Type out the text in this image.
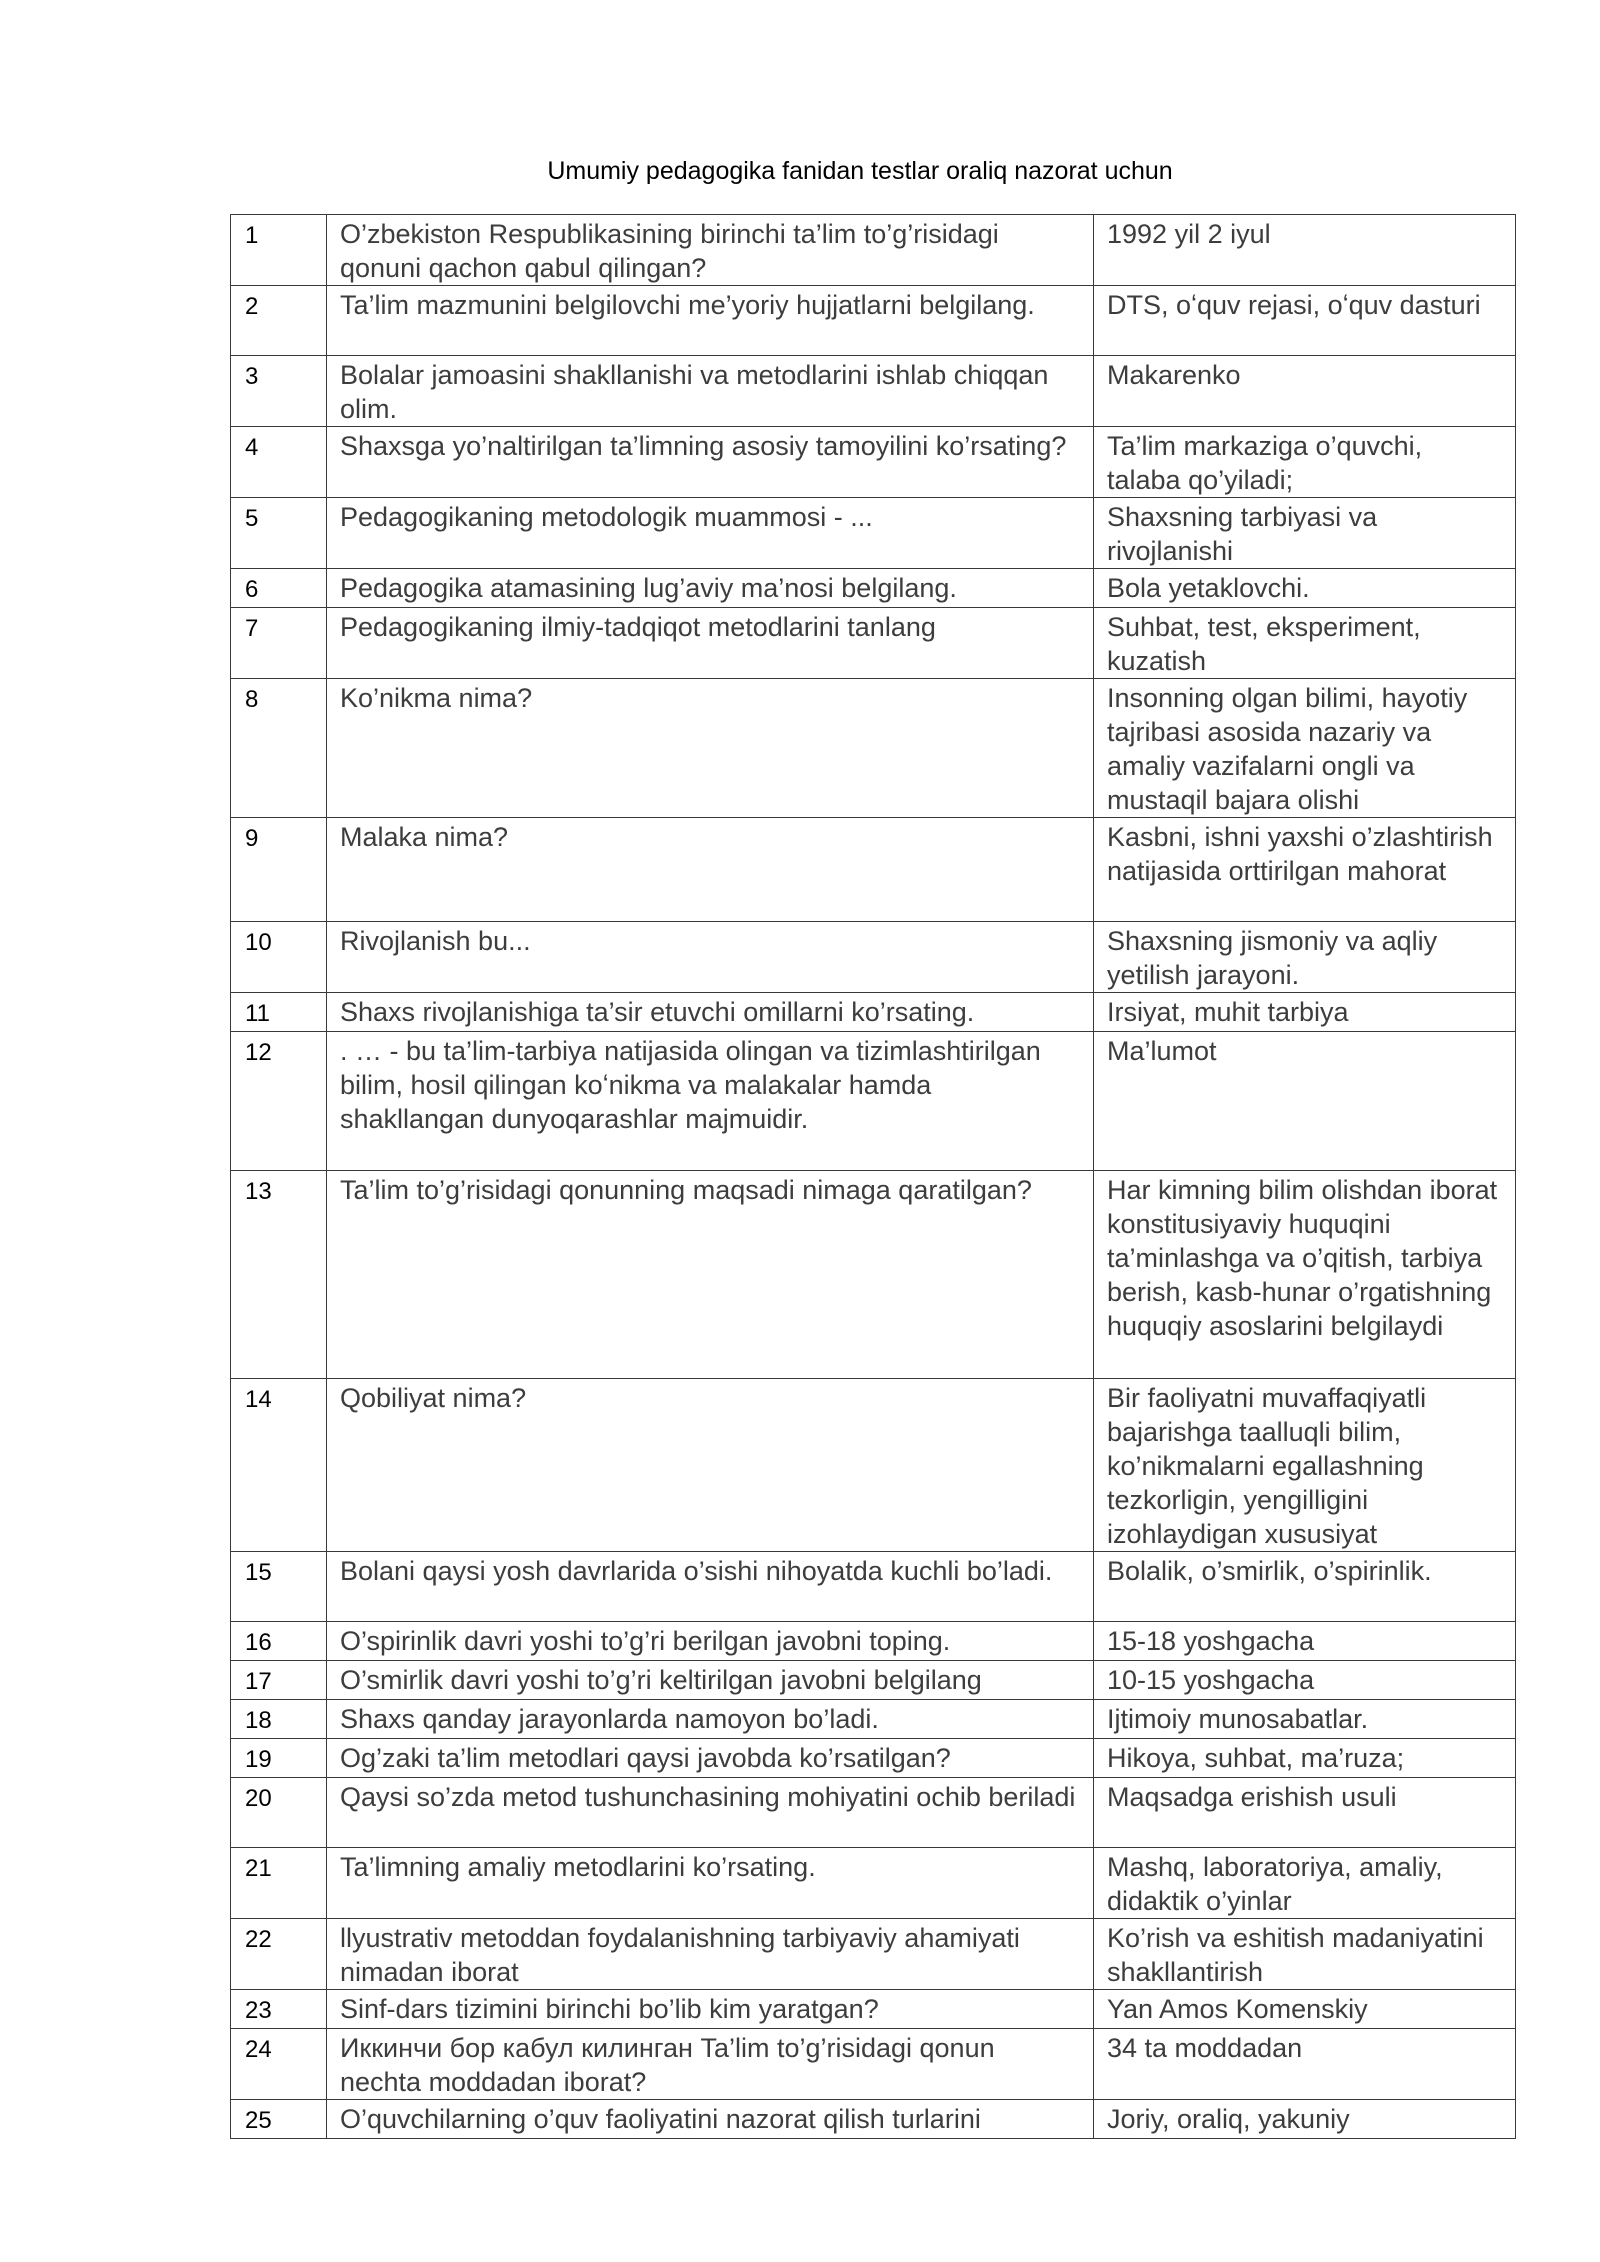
Umumiy pedagogika fanidan testlar oraliq nazorat uchun
1	O’zbekiston Respublikasining birinchi ta’lim to’g’risidagi qonuni qachon qabul qilingan?	1992 yil 2 iyul
2	Ta’lim mazmunini belgilovchi me’yoriy hujjatlarni belgilang.	DTS, oʻquv rejasi, oʻquv dasturi
3	Bolalar jamoasini shakllanishi va metodlarini ishlab chiqqan olim.	Makarenko
4	Shaxsga yo’naltirilgan ta’limning asosiy tamoyilini ko’rsating?	Ta’lim markaziga o’quvchi, talaba qo’yiladi;
5	Pedagogikaning metodologik muammosi - ...	Shaxsning tarbiyasi va rivojlanishi
6	Pedagogika atamasining lug’aviy ma’nosi belgilang.	Bola yetaklovchi.
7	Pedagogikaning ilmiy-tadqiqot metodlarini tanlang	Suhbat, test, eksperiment, kuzatish
8	Ko’nikma nima?	Insonning olgan bilimi, hayotiy tajribasi asosida nazariy va amaliy vazifalarni ongli va mustaqil bajara olishi
9	Malaka nima?	Kasbni, ishni yaxshi o’zlashtirish natijasida orttirilgan mahorat
10	Rivojlanish bu...	Shaxsning jismoniy va aqliy yetilish jarayoni.
11	Shaxs rivojlanishiga ta’sir etuvchi omillarni ko’rsating.	Irsiyat, muhit tarbiya
12	. … - bu ta’lim-tarbiya natijasida olingan va tizimlashtirilgan bilim, hosil qilingan koʻnikma va malakalar hamda shakllangan dunyoqarashlar majmuidir.	Ma’lumot
13	Ta’lim to’g’risidagi qonunning maqsadi nimaga qaratilgan?	Har kimning bilim olishdan iborat konstitusiyaviy huquqini ta’minlashga va o’qitish, tarbiya berish, kasb-hunar o’rgatishning huquqiy asoslarini belgilaydi
14	Qobiliyat nima?	Bir faoliyatni muvaffaqiyatli bajarishga taalluqli bilim, ko’nikmalarni egallashning tezkorligin, yengilligini izohlaydigan xususiyat
15	Bolani qaysi yosh davrlarida o’sishi nihoyatda kuchli bo’ladi.	Bolalik, o’smirlik, o’spirinlik.
16	O’spirinlik davri yoshi to’g’ri berilgan javobni toping.	15-18 yoshgacha
17	O’smirlik davri yoshi to’g’ri keltirilgan javobni belgilang	10-15 yoshgacha
18	Shaxs qanday jarayonlarda namoyon bo’ladi.	Ijtimoiy munosabatlar.
19	Og’zaki ta’lim metodlari qaysi javobda ko’rsatilgan?	Hikoya, suhbat, ma’ruza;
20	Qaysi so’zda metod tushunchasining mohiyatini ochib beriladi	Maqsadga erishish usuli
21	Ta’limning amaliy metodlarini ko’rsating.	Mashq, laboratoriya, amaliy, didaktik o’yinlar
22	llyustrativ metoddan foydalanishning tarbiyaviy ahamiyati nimadan iborat	Ko’rish va eshitish madaniyatini shakllantirish
23	Sinf-dars tizimini birinchi bo’lib kim yaratgan?	Yan Amos Komenskiy
24	Иккинчи бор кабул килинган Ta’lim to’g’risidagi qonun nechta moddadan iborat?	34 ta moddadan
25	O’quvchilarning o’quv faoliyatini nazorat qilish turlarini	Joriy, oraliq, yakuniy
